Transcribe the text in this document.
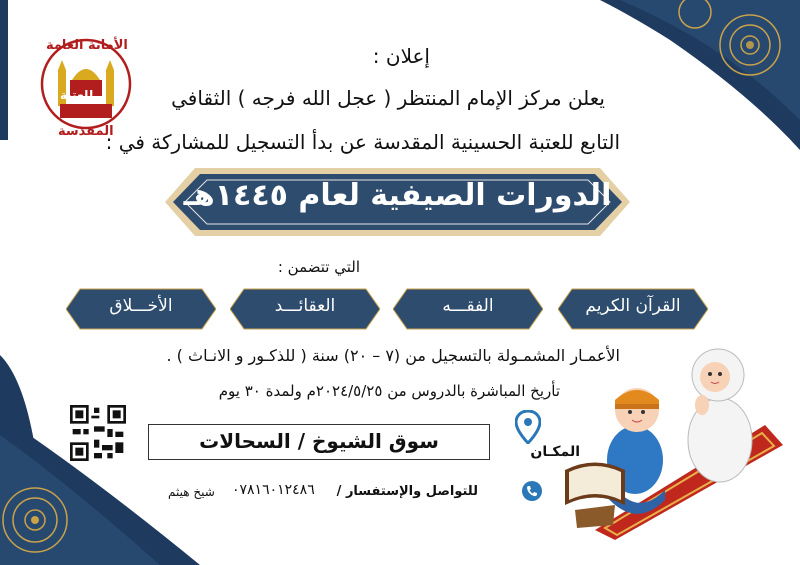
للعتبة
الأمانة العامة
المقدسة
إعلان :
يعلن مركز الإمام المنتظر ( عجل الله فرجه ) الثقافي
التابع للعتبة الحسينية المقدسة عن بدأ التسجيل للمشاركة في :
الدورات الصيفية لعام ١٤٤٥هـ
التي تتضمن :
القرآن الكريم
الفقـــه
العقائـــد
الأخـــلاق
الأعمـار المشمـولة بالتسجيل من (٧ – ٢٠) سنة ( للذكـور و الانـاث ) .
تأريخ المباشرة بالدروس من ٢٠٢٤/٥/٢٥م ولمدة ٣٠ يوم
سوق الشيوخ / السحالات	المكـان
للتواصل والإستفسار /
٠٧٨١٦٠١٢٤٨٦
شيخ هيثم
